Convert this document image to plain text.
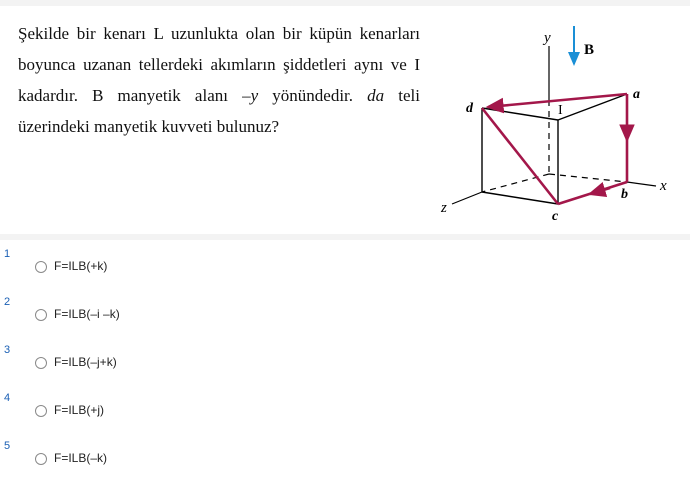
Şekilde bir kenarı L uzunlukta olan bir küpün kenarları boyunca uzanan tellerdeki akımların şiddetleri aynı ve I kadardır. B manyetik alanı –y yönündedir. da teli üzerindeki manyetik kuvveti bulunuz?

y
B
a
d	I
b
x
z
c
1
F=ILB(+k)
2
F=ILB(–i –k)
3
F=ILB(–j+k)
4
F=ILB(+j)
5
F=ILB(–k)
